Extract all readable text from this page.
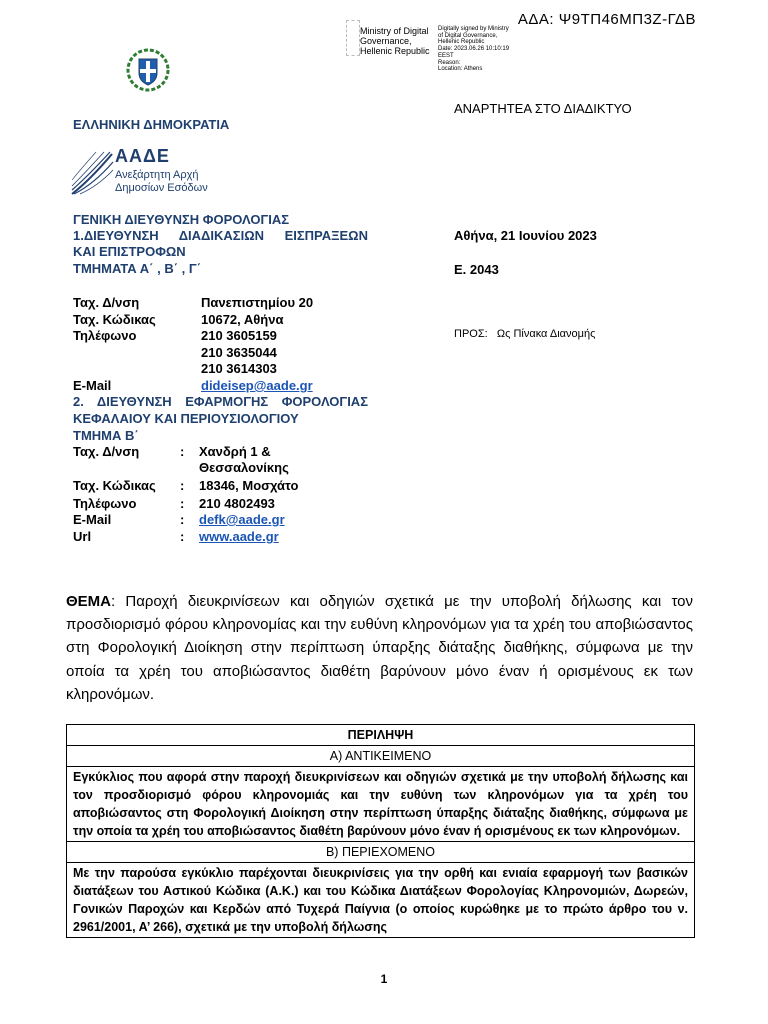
ΑΔΑ: Ψ9ΤΠ46ΜΠ3Ζ-ΓΔΒ
Ministry of Digital
Governance,
Hellenic Republic
Digitally signed by Ministry
of Digital Governance,
Hellenic Republic
Date: 2023.06.26 10:10:19
EEST
Reason:
Location: Athens
ΑΝΑΡΤΗΤΕΑ ΣΤΟ ΔΙΑΔΙΚΤΥΟ
ΕΛΛΗΝΙΚΗ ΔΗΜΟΚΡΑΤΙΑ
ΑΑΔΕ
Ανεξάρτητη Αρχή
Δημοσίων Εσόδων
ΓΕΝΙΚΗ ΔΙΕΥΘΥΝΣΗ ΦΟΡΟΛΟΓΙΑΣ
1.ΔΙΕΥΘΥΝΣΗ ΔΙΑΔΙΚΑΣΙΩΝ ΕΙΣΠΡΑΞΕΩΝ
ΚΑΙ ΕΠΙΣΤΡΟΦΩΝ
ΤΜΗΜΑΤΑ Α΄ , Β΄ , Γ΄
Ταχ. Δ/νση	Πανεπιστημίου 20
Ταχ. Κώδικας	10672, Αθήνα
Τηλέφωνο	210 3605159
210 3635044
210 3614303
E-Mail	dideisep@aade.gr
2. ΔΙΕΥΘΥΝΣΗ ΕΦΑΡΜΟΓΗΣ ΦΟΡΟΛΟΓΙΑΣ
ΚΕΦΑΛΑΙΟΥ ΚΑΙ ΠΕΡΙΟΥΣΙΟΛΟΓΙΟΥ
ΤΜΗΜΑ Β΄
Ταχ. Δ/νση	: Χανδρή 1 &
Θεσσαλονίκης
Ταχ. Κώδικας : 18346, Μοσχάτο
Τηλέφωνο	: 210 4802493
E-Mail	: defk@aade.gr
Url	: www.aade.gr
Αθήνα, 21 Ιουνίου 2023
Ε. 2043
ΠΡΟΣ:   Ως Πίνακα Διανομής
ΘΕΜΑ: Παροχή διευκρινίσεων και οδηγιών σχετικά με την υποβολή δήλωσης και τον προσδιορισμό φόρου κληρονομίας και την ευθύνη κληρονόμων για τα χρέη του αποβιώσαντος στη Φορολογική Διοίκηση στην περίπτωση ύπαρξης διάταξης διαθήκης, σύμφωνα με την οποία τα χρέη του αποβιώσαντος διαθέτη βαρύνουν μόνο έναν ή ορισμένους εκ των κληρονόμων.
ΠΕΡΙΛΗΨΗ
Α) ΑΝΤΙΚΕΙΜΕΝΟ
Εγκύκλιος που αφορά στην παροχή διευκρινίσεων και οδηγιών σχετικά με την υποβολή δήλωσης και τον προσδιορισμό φόρου κληρονομιάς και την ευθύνη των κληρονόμων για τα χρέη του αποβιώσαντος στη Φορολογική Διοίκηση στην περίπτωση ύπαρξης διάταξης διαθήκης, σύμφωνα με την οποία τα χρέη του αποβιώσαντος διαθέτη βαρύνουν μόνο έναν ή ορισμένους εκ των κληρονόμων.
Β) ΠΕΡΙΕΧΟΜΕΝΟ
Με την παρούσα εγκύκλιο παρέχονται διευκρινίσεις για την ορθή και ενιαία εφαρμογή των βασικών διατάξεων του Αστικού Κώδικα (Α.Κ.) και του Κώδικα Διατάξεων Φορολογίας Κληρονομιών, Δωρεών, Γονικών Παροχών και Κερδών από Τυχερά Παίγνια (ο οποίος κυρώθηκε με το πρώτο άρθρο του ν. 2961/2001, Α’ 266), σχετικά με την υποβολή δήλωσης
1
